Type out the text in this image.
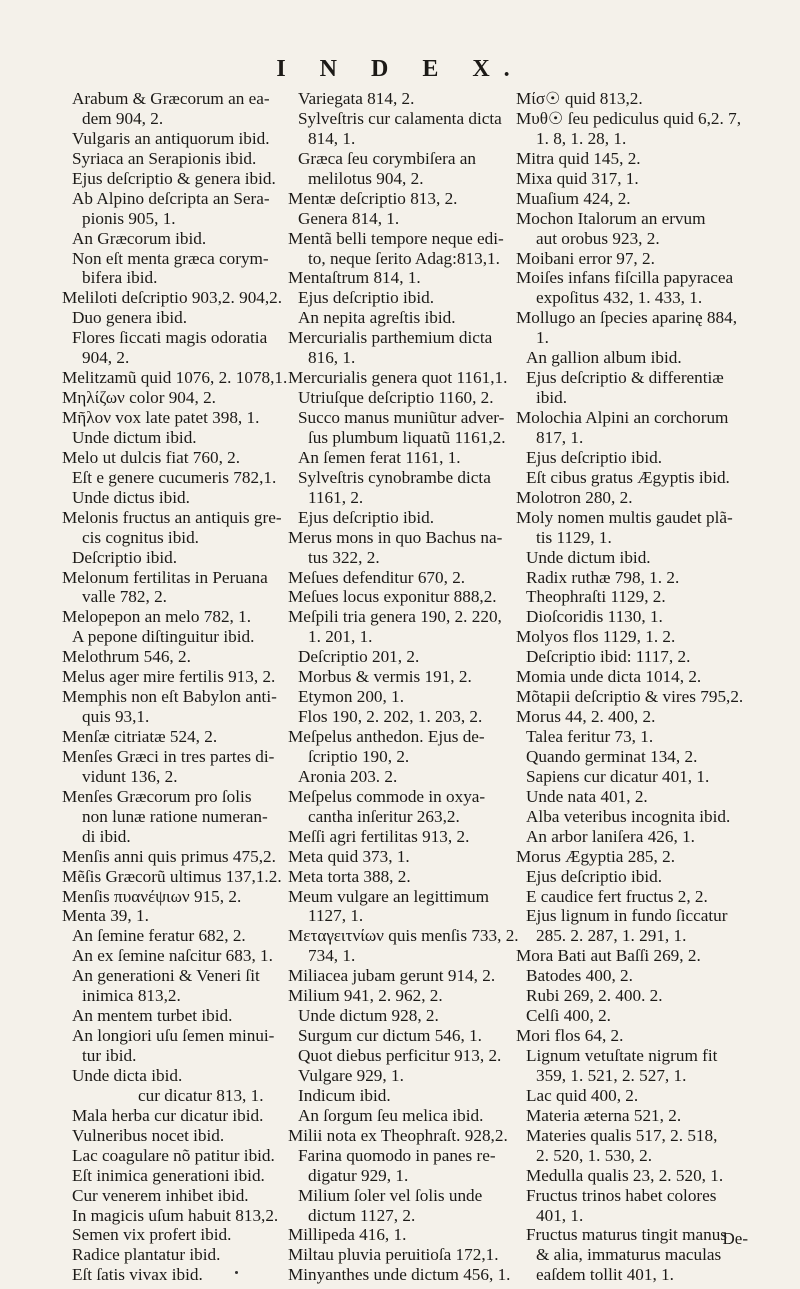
I N D E X.
Arabum & Græcorum an ea-
dem 904, 2.
Vulgaris an antiquorum ibid.
Syriaca an Serapionis ibid.
Ejus deſcriptio & genera ibid.
Ab Alpino deſcripta an Sera-
pionis 905, 1.
An Græcorum ibid.
Non eſt menta græca corym-
bifera ibid.
Meliloti deſcriptio 903,2. 904,2.
Duo genera ibid.
Flores ſiccati magis odoratia
904, 2.
Melitzamũ quid 1076, 2. 1078,1.
Μηλίζων color 904, 2.
Μῆλον vox late patet 398, 1.
Unde dictum ibid.
Melo ut dulcis fiat 760, 2.
Eſt e genere cucumeris 782,1.
Unde dictus ibid.
Melonis fructus an antiquis gre-
cis cognitus ibid.
Deſcriptio ibid.
Melonum fertilitas in Peruana
valle 782, 2.
Melopepon an melo 782, 1.
A pepone diſtinguitur ibid.
Melothrum 546, 2.
Melus ager mire fertilis 913, 2.
Memphis non eſt Babylon anti-
quis 93,1.
Menſæ citriatæ 524, 2.
Menſes Græci in tres partes di-
vidunt 136, 2.
Menſes Græcorum pro ſolis
non lunæ ratione numeran-
di ibid.
Menſis anni quis primus 475,2.
Mẽſis Græcorũ ultimus 137,1.2.
Menſis πυανέψιων 915, 2.
Menta 39, 1.
An ſemine feratur 682, 2.
An ex ſemine naſcitur 683, 1.
An generationi & Veneri ſit
inimica 813,2.
An mentem turbet ibid.
An longiori uſu ſemen minui-
tur ibid.
Unde dicta ibid.
cur dicatur 813, 1.
Mala herba cur dicatur ibid.
Vulneribus nocet ibid.
Lac coagulare nõ patitur ibid.
Eſt inimica generationi ibid.
Cur venerem inhibet ibid.
In magicis uſum habuit 813,2.
Semen vix profert ibid.
Radice plantatur ibid.
Eſt ſatis vivax ibid.
Variegata 814, 2.
Sylveſtris cur calamenta dicta
814, 1.
Græca ſeu corymbiſera an
melilotus 904, 2.
Mentæ deſcriptio 813, 2.
Genera 814, 1.
Mentã belli tempore neque edi-
to, neque ſerito Adag:813,1.
Mentaſtrum 814, 1.
Ejus deſcriptio ibid.
An nepita agreſtis ibid.
Mercurialis parthemium dicta
816, 1.
Mercurialis genera quot 1161,1.
Utriuſque deſcriptio 1160, 2.
Succo manus muniũtur adver-
ſus plumbum liquatũ 1161,2.
An ſemen ferat 1161, 1.
Sylveſtris cynobrambe dicta
1161, 2.
Ejus deſcriptio ibid.
Merus mons in quo Bachus na-
tus 322, 2.
Meſues defenditur 670, 2.
Meſues locus exponitur 888,2.
Meſpili tria genera 190, 2. 220,
1. 201, 1.
Deſcriptio 201, 2.
Morbus & vermis 191, 2.
Etymon 200, 1.
Flos 190, 2. 202, 1. 203, 2.
Meſpelus anthedon. Ejus de-
ſcriptio 190, 2.
Aronia 203. 2.
Meſpelus commode in oxya-
cantha inſeritur 263,2.
Meſſi agri fertilitas 913, 2.
Meta quid 373, 1.
Meta torta 388, 2.
Meum vulgare an legittimum
1127, 1.
Μεταγειτνίων quis menſis 733, 2.
734, 1.
Miliacea jubam gerunt 914, 2.
Milium 941, 2. 962, 2.
Unde dictum 928, 2.
Surgum cur dictum 546, 1.
Quot diebus perficitur 913, 2.
Vulgare 929, 1.
Indicum ibid.
An ſorgum ſeu melica ibid.
Milii nota ex Theophraſt. 928,2.
Farina quomodo in panes re-
digatur 929, 1.
Milium ſoler vel ſolis unde
dictum 1127, 2.
Millipeda 416, 1.
Miltau pluvia peruitioſa 172,1.
Minyanthes unde dictum 456, 1.
Μίσ☉ quid 813,2.
Μυθ☉ ſeu pediculus quid 6,2. 7,
1. 8, 1. 28, 1.
Mitra quid 145, 2.
Mixa quid 317, 1.
Muaſium 424, 2.
Mochon Italorum an ervum
aut orobus 923, 2.
Moibani error 97, 2.
Moiſes infans fiſcilla papyracea
expoſitus 432, 1. 433, 1.
Mollugo an ſpecies aparinę 884,
1.
An gallion album ibid.
Ejus deſcriptio & differentiæ
ibid.
Molochia Alpini an corchorum
817, 1.
Ejus deſcriptio ibid.
Eſt cibus gratus Ægyptis ibid.
Molotron 280, 2.
Moly nomen multis gaudet plã-
tis 1129, 1.
Unde dictum ibid.
Radix ruthæ 798, 1. 2.
Theophraſti 1129, 2.
Dioſcoridis 1130, 1.
Molyos flos 1129, 1. 2.
Deſcriptio ibid: 1117, 2.
Momia unde dicta 1014, 2.
Mõtapii deſcriptio & vires 795,2.
Morus 44, 2. 400, 2.
Talea feritur 73, 1.
Quando germinat 134, 2.
Sapiens cur dicatur 401, 1.
Unde nata 401, 2.
Alba veteribus incognita ibid.
An arbor laniſera 426, 1.
Morus Ægyptia 285, 2.
Ejus deſcriptio ibid.
E caudice fert fructus 2, 2.
Ejus lignum in fundo ſiccatur
285. 2. 287, 1. 291, 1.
Mora Bati aut Baſſi 269, 2.
Batodes 400, 2.
Rubi 269, 2. 400. 2.
Celſi 400, 2.
Mori flos 64, 2.
Lignum vetuſtate nigrum fit
359, 1. 521, 2. 527, 1.
Lac quid 400, 2.
Materia æterna 521, 2.
Materies qualis 517, 2. 518,
2. 520, 1. 530, 2.
Medulla qualis 23, 2. 520, 1.
Fructus trinos habet colores
401, 1.
Fructus maturus tingit manus
& alia, immaturus maculas
eaſdem tollit 401, 1.
De-
